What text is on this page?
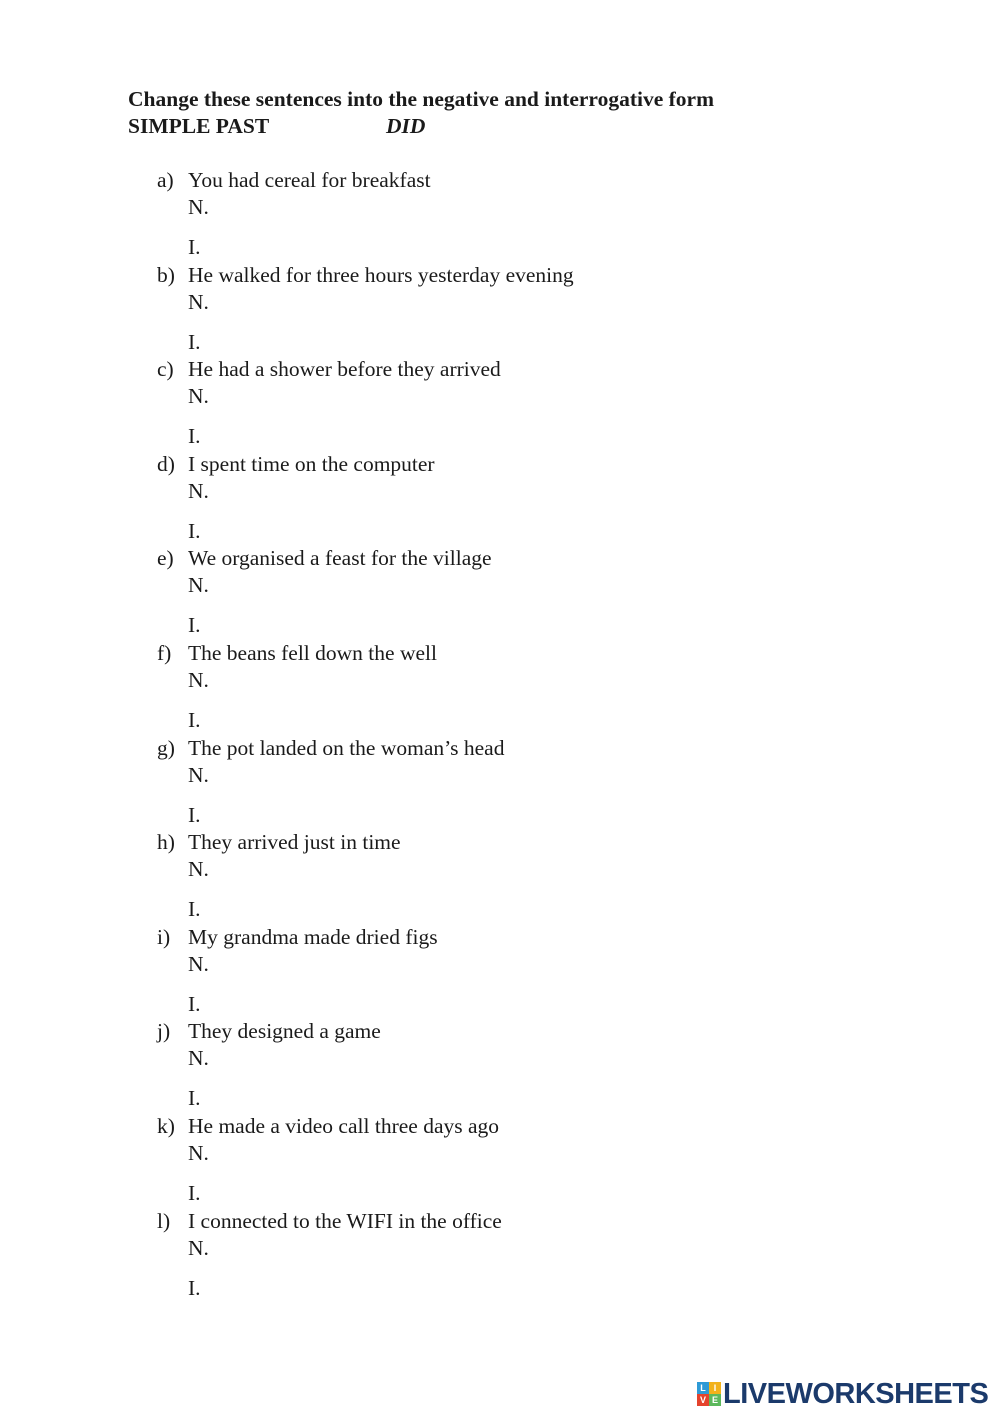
Change these sentences into the negative and interrogative form
SIMPLE PAST	DID
a) You had cereal for breakfast
N.
I.
b) He walked for three hours yesterday evening
N.
I.
c) He had a shower before they arrived
N.
I.
d) I spent time on the computer
N.
I.
e) We organised a feast for the village
N.
I.
f) The beans fell down the well
N.
I.
g) The pot landed on the woman’s head
N.
I.
h) They arrived just in time
N.
I.
i) My grandma made dried figs
N.
I.
j) They designed a game
N.
I.
k) He made a video call three days ago
N.
I.
l) I connected to the WIFI in the office
N.
I.
L I
V E LIVEWORKSHEETS
